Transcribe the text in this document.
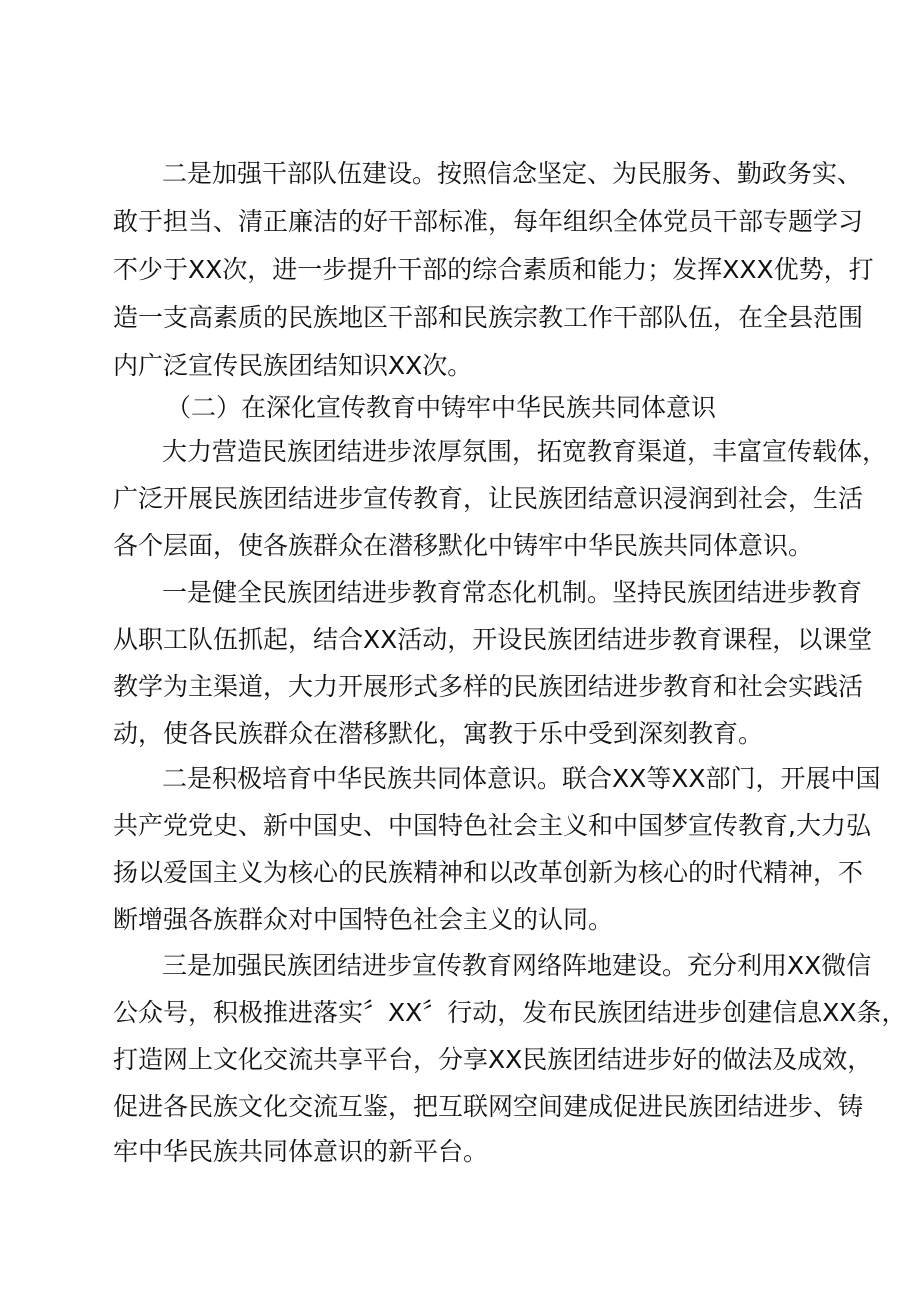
二是加强干部队伍建设。按照信念坚定、为民服务、勤政务实、
敢于担当、清正廉洁的好干部标准，每年组织全体党员干部专题学习
不少于XX次，进一步提升干部的综合素质和能力；发挥XXX优势，打
造一支高素质的民族地区干部和民族宗教工作干部队伍，在全县范围
内广泛宣传民族团结知识XX次。
（二）在深化宣传教育中铸牢中华民族共同体意识
大力营造民族团结进步浓厚氛围，拓宽教育渠道，丰富宣传载体，
广泛开展民族团结进步宣传教育，让民族团结意识浸润到社会，生活
各个层面，使各族群众在潜移默化中铸牢中华民族共同体意识。
一是健全民族团结进步教育常态化机制。坚持民族团结进步教育
从职工队伍抓起，结合XX活动，开设民族团结进步教育课程，以课堂
教学为主渠道，大力开展形式多样的民族团结进步教育和社会实践活
动，使各民族群众在潜移默化，寓教于乐中受到深刻教育。
二是积极培育中华民族共同体意识。联合XX等XX部门，开展中国
共产党党史、新中国史、中国特色社会主义和中国梦宣传教育,大力弘
扬以爱国主义为核心的民族精神和以改革创新为核心的时代精神，不
断增强各族群众对中国特色社会主义的认同。
三是加强民族团结进步宣传教育网络阵地建设。充分利用XX微信
公众号，积极推进落实〞XX〞行动，发布民族团结进步创建信息XX条，
打造网上文化交流共享平台，分享XX民族团结进步好的做法及成效，
促进各民族文化交流互鉴，把互联网空间建成促进民族团结进步、铸
牢中华民族共同体意识的新平台。
